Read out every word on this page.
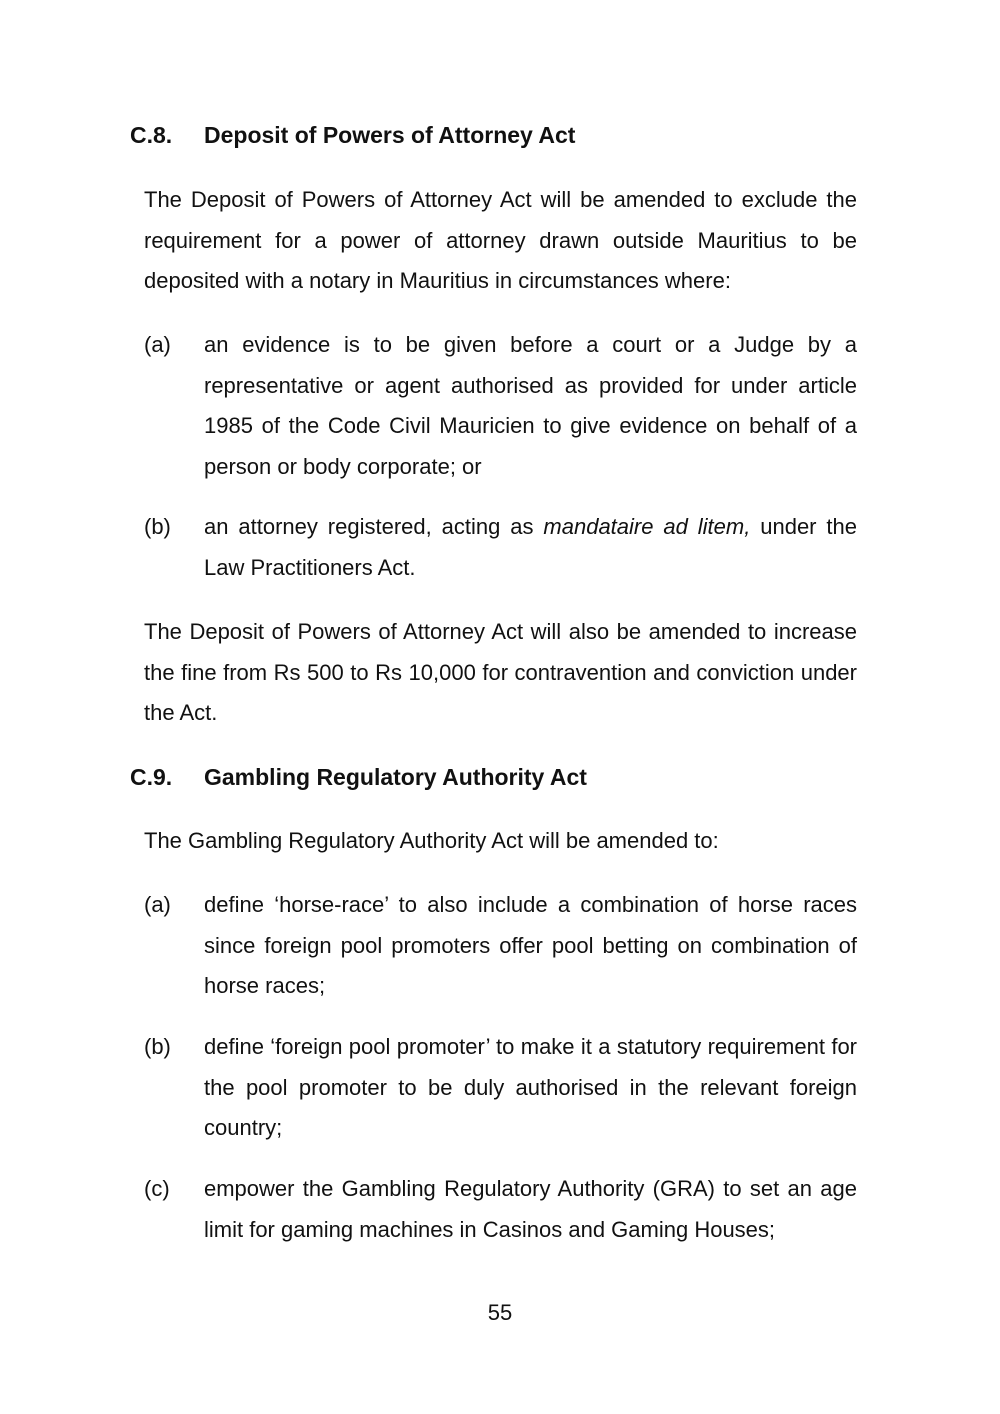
C.8. Deposit of Powers of Attorney Act

The Deposit of Powers of Attorney Act will be amended to exclude the requirement for a power of attorney drawn outside Mauritius to be deposited with a notary in Mauritius in circumstances where:

(a) an evidence is to be given before a court or a Judge by a representative or agent authorised as provided for under article 1985 of the Code Civil Mauricien to give evidence on behalf of a person or body corporate; or
(b) an attorney registered, acting as mandataire ad litem, under the Law Practitioners Act.

The Deposit of Powers of Attorney Act will also be amended to increase the fine from Rs 500 to Rs 10,000 for contravention and conviction under the Act.

C.9. Gambling Regulatory Authority Act

The Gambling Regulatory Authority Act will be amended to:

(a) define ‘horse-race’ to also include a combination of horse races since foreign pool promoters offer pool betting on combination of horse races;
(b) define ‘foreign pool promoter’ to make it a statutory requirement for the pool promoter to be duly authorised in the relevant foreign country;
(c) empower the Gambling Regulatory Authority (GRA) to set an age limit for gaming machines in Casinos and Gaming Houses;
55
